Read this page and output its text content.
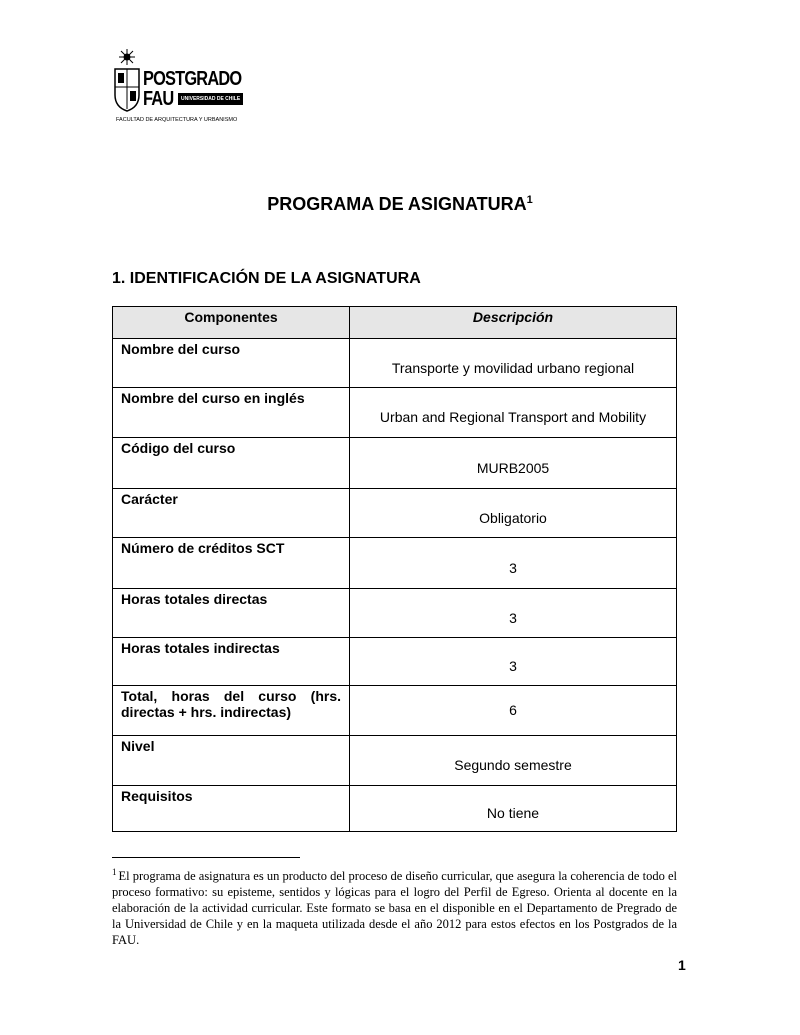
POSTGRADO
FAU	UNIVERSIDAD DE CHILE
FACULTAD DE ARQUITECTURA Y URBANISMO
PROGRAMA DE ASIGNATURA$^1$
1. IDENTIFICACIÓN DE LA ASIGNATURA
Componentes	Descripción
Nombre del curso	Transporte y movilidad urbano regional
Nombre del curso en inglés	Urban and Regional Transport and Mobility
Código del curso	MURB2005
Carácter	Obligatorio
Número de créditos SCT	3
Horas totales directas	3
Horas totales indirectas	3

Total, horas del curso (hrs.
directas + hrs. indirectas)	6
Nivel	Segundo semestre
Requisitos	No tiene
$^1$ El programa de asignatura es un producto del proceso de diseño curricular, que asegura la coherencia de todo el proceso formativo: su episteme, sentidos y lógicas para el logro del Perfil de Egreso. Orienta al docente en la elaboración de la actividad curricular. Este formato se basa en el disponible en el Departamento de Pregrado de la Universidad de Chile y en la maqueta utilizada desde el año 2012 para estos efectos en los Postgrados de la FAU.
1
